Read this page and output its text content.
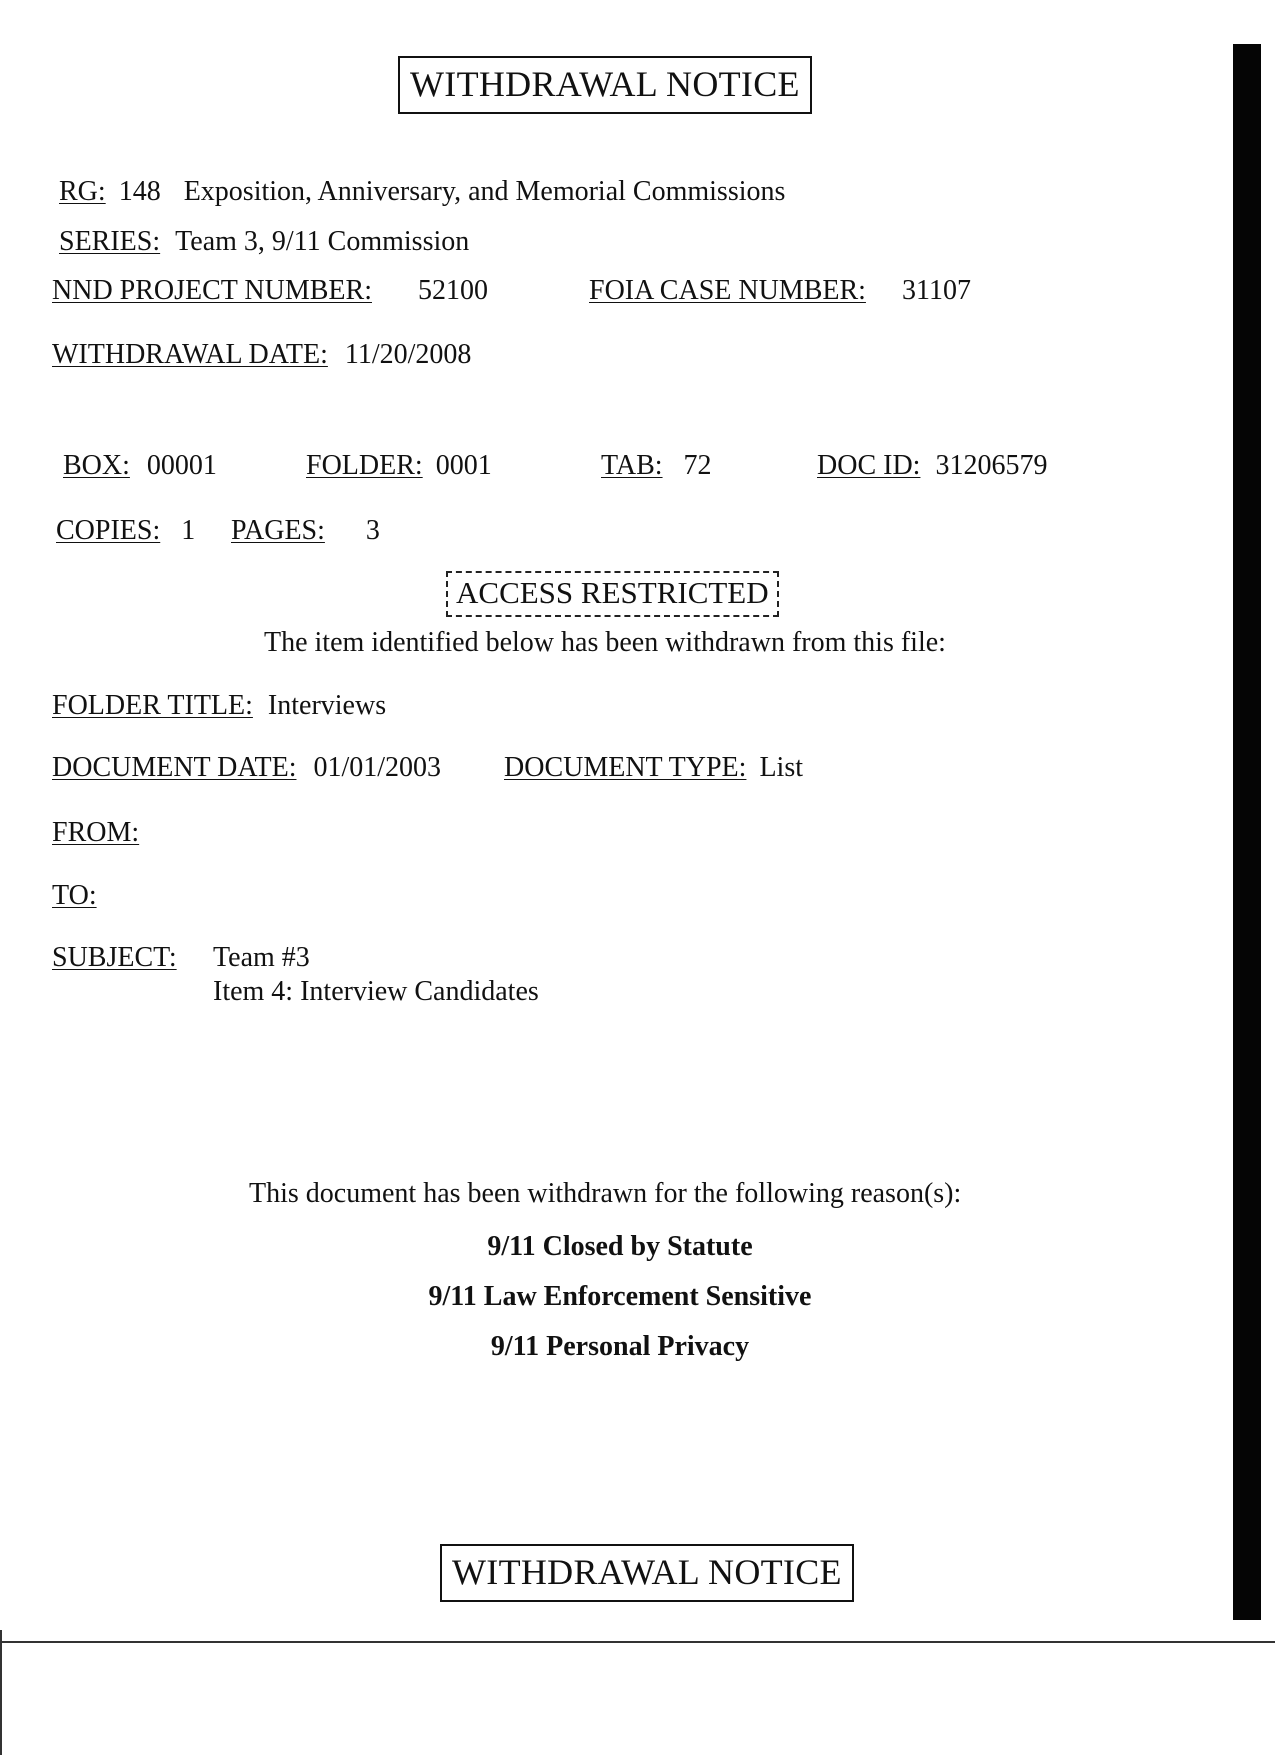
WITHDRAWAL NOTICE
RG: 148 Exposition, Anniversary, and Memorial Commissions
SERIES: Team 3, 9/11 Commission
NND PROJECT NUMBER: 52100	FOIA CASE NUMBER: 31107
WITHDRAWAL DATE: 11/20/2008
BOX: 00001	FOLDER: 0001	TAB: 72	DOC ID: 31206579
COPIES: 1 PAGES: 3
ACCESS RESTRICTED
The item identified below has been withdrawn from this file:
FOLDER TITLE: Interviews
DOCUMENT DATE: 01/01/2003 DOCUMENT TYPE: List
FROM:
TO:
SUBJECT: Team #3
Item 4: Interview Candidates
This document has been withdrawn for the following reason(s):
9/11 Closed by Statute
9/11 Law Enforcement Sensitive
9/11 Personal Privacy
WITHDRAWAL NOTICE
